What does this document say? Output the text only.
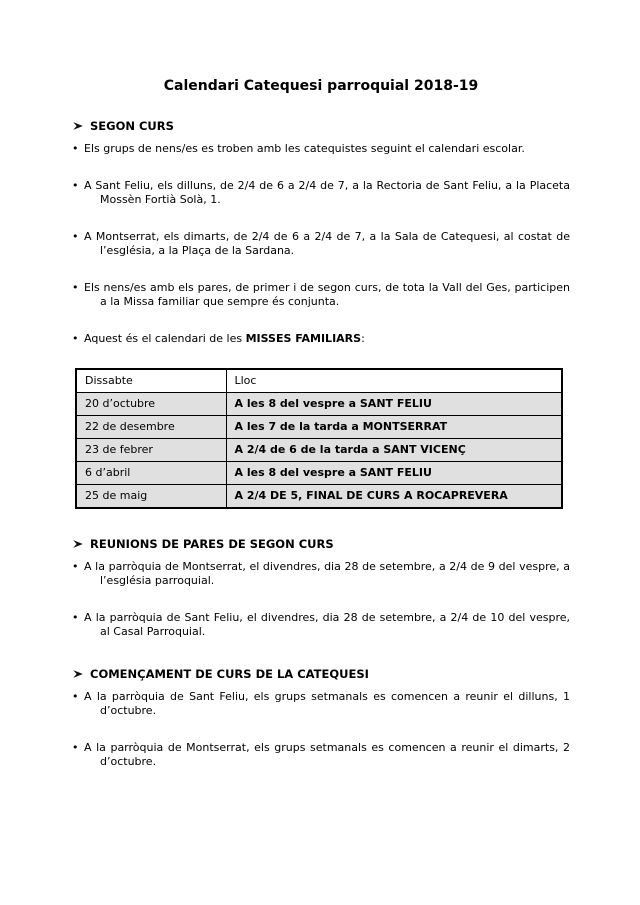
Calendari Catequesi parroquial 2018-19
SEGON CURS
• Els grups de nens/es es troben amb les catequistes seguint el calendari escolar.
• A Sant Feliu, els dilluns, de 2/4 de 6 a 2/4 de 7, a la Rectoria de Sant Feliu, a la Placeta Mossèn Fortià Solà, 1.
• A Montserrat, els dimarts, de 2/4 de 6 a 2/4 de 7, a la Sala de Catequesi, al costat de l’església, a la Plaça de la Sardana.
• Els nens/es amb els pares, de primer i de segon curs, de tota la Vall del Ges, participen a la Missa familiar que sempre és conjunta.
• Aquest és el calendari de les MISSES FAMILIARS:
Dissabte	Lloc
20 d’octubre	A les 8 del vespre a SANT FELIU
22 de desembre	A les 7 de la tarda a MONTSERRAT
23 de febrer	A 2/4 de 6 de la tarda a SANT VICENÇ
6 d’abril	A les 8 del vespre a SANT FELIU
25 de maig	A 2/4 DE 5, FINAL DE CURS A ROCAPREVERA
REUNIONS DE PARES DE SEGON CURS
• A la parròquia de Montserrat, el divendres, dia 28 de setembre, a 2/4 de 9 del vespre, a l’església parroquial.
• A la parròquia de Sant Feliu, el divendres, dia 28 de setembre, a 2/4 de 10 del vespre, al Casal Parroquial.
COMENÇAMENT DE CURS DE LA CATEQUESI
• A la parròquia de Sant Feliu, els grups setmanals es comencen a reunir el dilluns, 1 d’octubre.
• A la parròquia de Montserrat, els grups setmanals es comencen a reunir el dimarts, 2 d’octubre.
